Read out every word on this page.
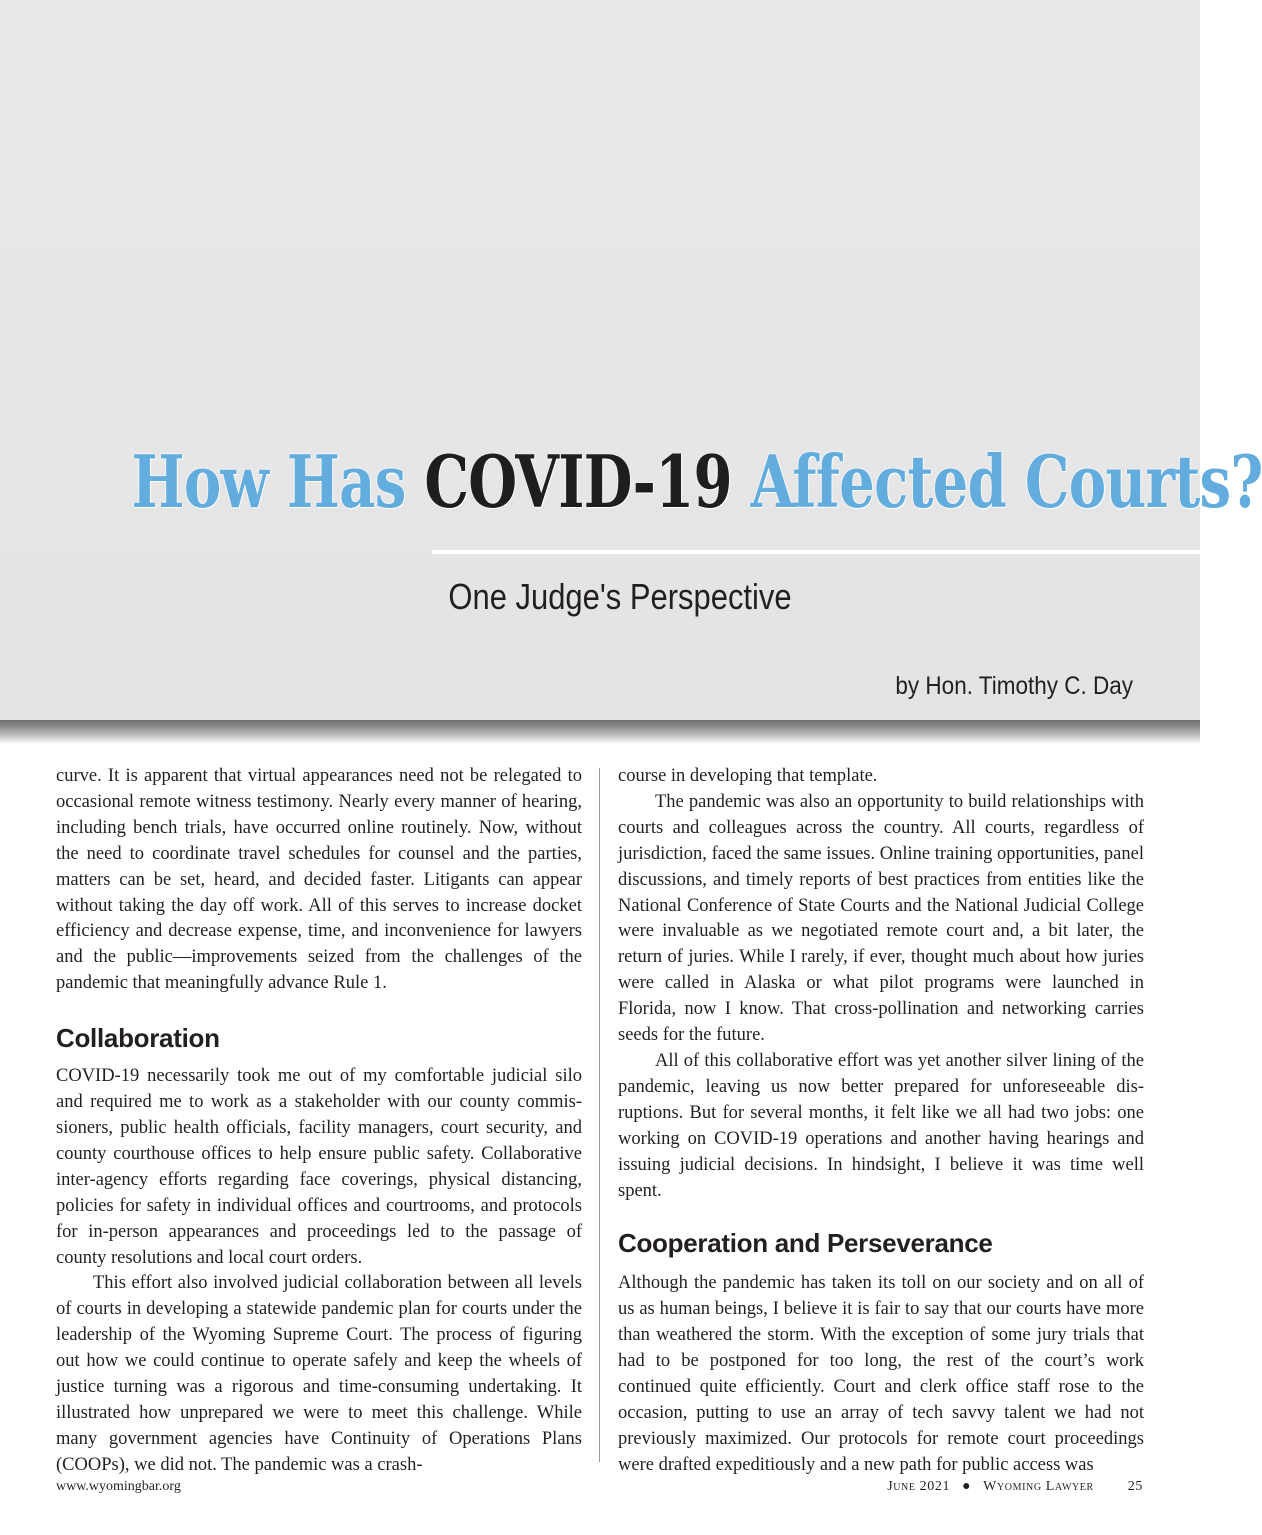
How Has COVID-19 Affected Courts?
One Judge's Perspective
by Hon. Timothy C. Day

curve. It is apparent that virtual appearances need not be relegated to occasional remote witness testimony. Nearly every manner of hearing, including bench trials, have occurred online routinely. Now, without the need to coordinate travel schedules for counsel and the parties, matters can be set, heard, and decided faster. Litigants can appear without taking the day off work. All of this serves to increase docket efficiency and decrease expense, time, and inconvenience for lawyers and the public—improvements seized from the challenges of the pandemic that meaningfully advance Rule 1.

Collaboration

COVID-19 necessarily took me out of my comfortable judicial silo and required me to work as a stakeholder with our county commissioners, public health officials, facility managers, court security, and county courthouse offices to help ensure public safety. Collaborative inter-agency efforts regarding face coverings, physical distancing, policies for safety in individual offices and courtrooms, and protocols for in-person appearances and proceedings led to the passage of county resolutions and local court orders.

This effort also involved judicial collaboration between all levels of courts in developing a statewide pandemic plan for courts under the leadership of the Wyoming Supreme Court. The process of figuring out how we could continue to operate safely and keep the wheels of justice turning was a rigorous and time-consuming undertaking. It illustrated how unprepared we were to meet this challenge. While many government agencies have Continuity of Operations Plans (COOPs), we did not. The pandemic was a crash-

course in developing that template.

The pandemic was also an opportunity to build relationships with courts and colleagues across the country. All courts, regardless of jurisdiction, faced the same issues. Online training opportunities, panel discussions, and timely reports of best practices from entities like the National Conference of State Courts and the National Judicial College were invaluable as we negotiated remote court and, a bit later, the return of juries. While I rarely, if ever, thought much about how juries were called in Alaska or what pilot programs were launched in Florida, now I know. That cross-pollination and networking carries seeds for the future.

All of this collaborative effort was yet another silver lining of the pandemic, leaving us now better prepared for unforeseeable disruptions. But for several months, it felt like we all had two jobs: one working on COVID-19 operations and another having hearings and issuing judicial decisions. In hindsight, I believe it was time well spent.

Cooperation and Perseverance

Although the pandemic has taken its toll on our society and on all of us as human beings, I believe it is fair to say that our courts have more than weathered the storm. With the exception of some jury trials that had to be postponed for too long, the rest of the court’s work continued quite efficiently. Court and clerk office staff rose to the occasion, putting to use an array of tech savvy talent we had not previously maximized. Our protocols for remote court proceedings were drafted expeditiously and a new path for public access was

www.wyomingbar.org	June 2021 ● Wyoming Lawyer 25
